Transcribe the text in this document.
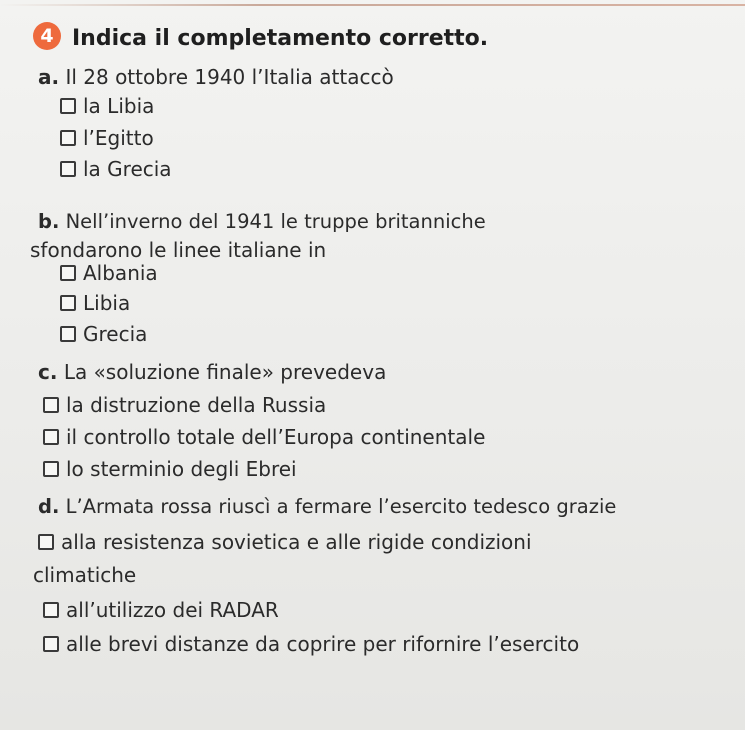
4 Indica il completamento corretto.
a. Il 28 ottobre 1940 l’Italia attaccò
la Libia
l’Egitto
la Grecia
b. Nell’inverno del 1941 le truppe britanniche
sfondarono le linee italiane in
Albania
Libia
Grecia
c. La «soluzione finale» prevedeva
la distruzione della Russia
il controllo totale dell’Europa continentale
lo sterminio degli Ebrei
d. L’Armata rossa riuscì a fermare l’esercito tedesco grazie
alla resistenza sovietica e alle rigide condizioni
climatiche
all’utilizzo dei RADAR
alle brevi distanze da coprire per rifornire l’esercito
